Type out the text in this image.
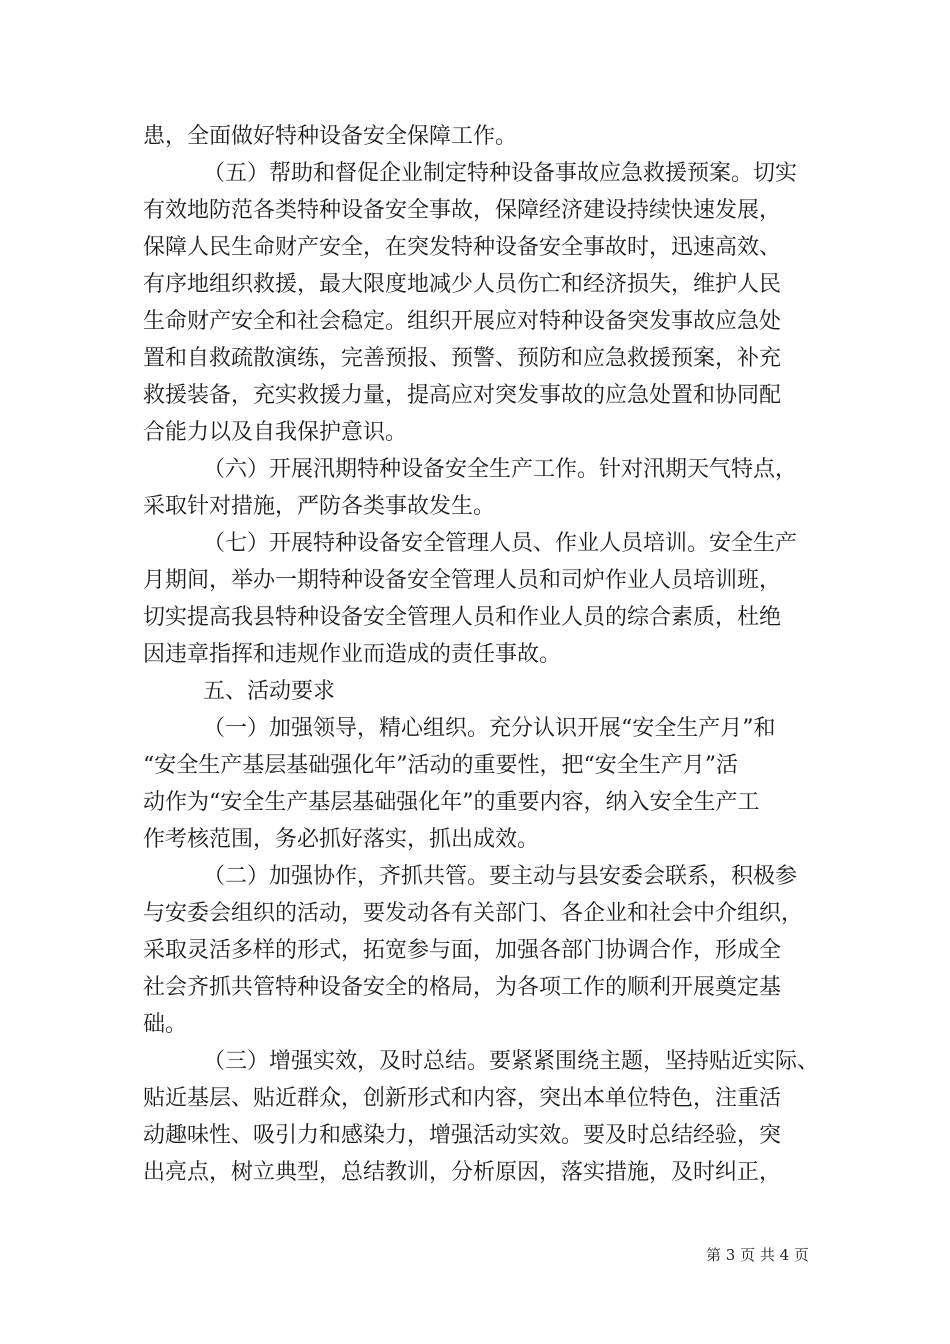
患，全面做好特种设备安全保障工作。
（五）帮助和督促企业制定特种设备事故应急救援预案。切实
有效地防范各类特种设备安全事故，保障经济建设持续快速发展，
保障人民生命财产安全，在突发特种设备安全事故时，迅速高效、
有序地组织救援，最大限度地减少人员伤亡和经济损失，维护人民
生命财产安全和社会稳定。组织开展应对特种设备突发事故应急处
置和自救疏散演练，完善预报、预警、预防和应急救援预案，补充
救援装备，充实救援力量，提高应对突发事故的应急处置和协同配
合能力以及自我保护意识。
（六）开展汛期特种设备安全生产工作。针对汛期天气特点，
采取针对措施，严防各类事故发生。
（七）开展特种设备安全管理人员、作业人员培训。安全生产
月期间，举办一期特种设备安全管理人员和司炉作业人员培训班，
切实提高我县特种设备安全管理人员和作业人员的综合素质，杜绝
因违章指挥和违规作业而造成的责任事故。
五、活动要求
（一）加强领导，精心组织。充分认识开展“安全生产月”和
“安全生产基层基础强化年”活动的重要性，把“安全生产月”活
动作为“安全生产基层基础强化年”的重要内容，纳入安全生产工
作考核范围，务必抓好落实，抓出成效。
（二）加强协作，齐抓共管。要主动与县安委会联系，积极参
与安委会组织的活动，要发动各有关部门、各企业和社会中介组织，
采取灵活多样的形式，拓宽参与面，加强各部门协调合作，形成全
社会齐抓共管特种设备安全的格局，为各项工作的顺利开展奠定基
础。
（三）增强实效，及时总结。要紧紧围绕主题，坚持贴近实际、
贴近基层、贴近群众，创新形式和内容，突出本单位特色，注重活
动趣味性、吸引力和感染力，增强活动实效。要及时总结经验，突
出亮点，树立典型，总结教训，分析原因，落实措施，及时纠正，
第 3 页 共 4 页
